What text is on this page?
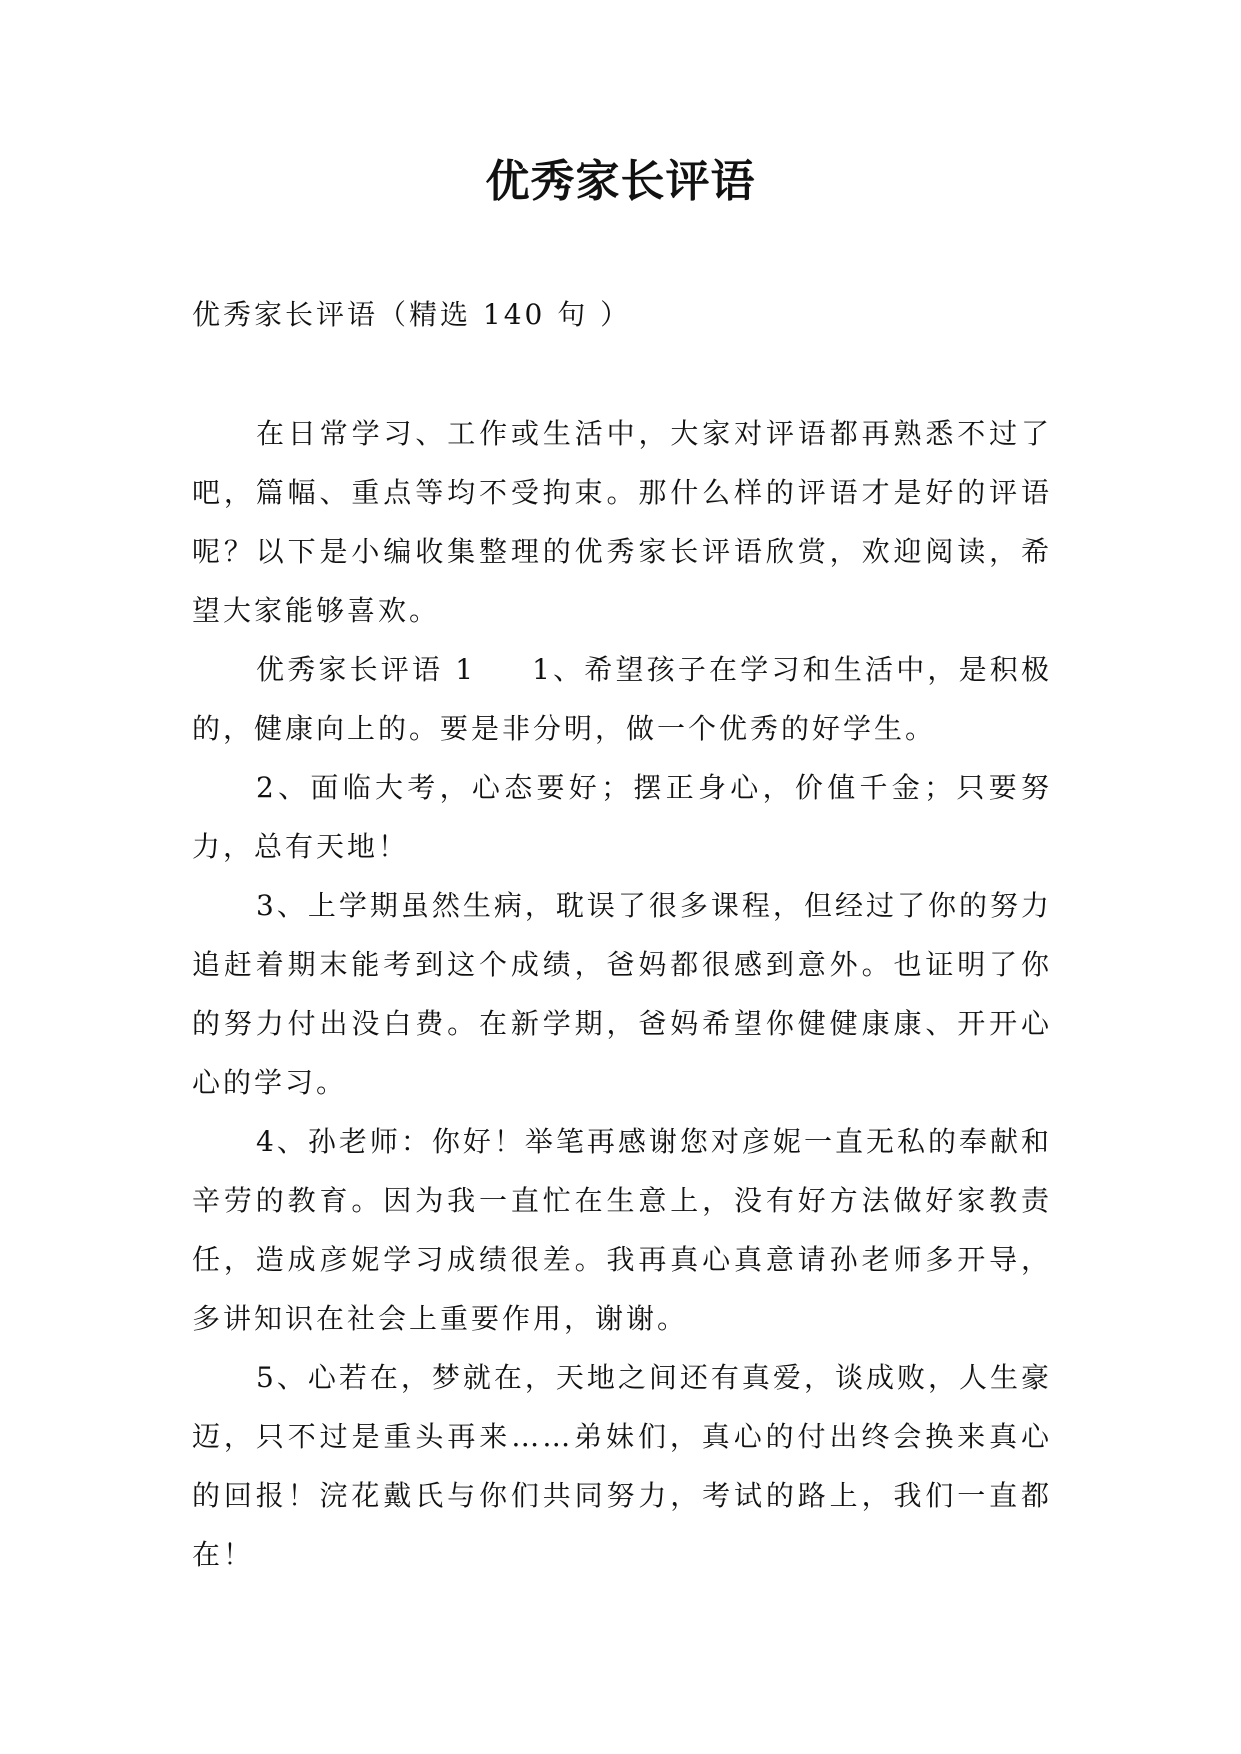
优秀家长评语

优秀家长评语（精选 140 句 ）

在日常学习、工作或生活中，大家对评语都再熟悉不过了吧，篇幅、重点等均不受拘束。那什么样的评语才是好的评语呢？以下是小编收集整理的优秀家长评语欣赏，欢迎阅读，希望大家能够喜欢。

优秀家长评语 1 1、希望孩子在学习和生活中，是积极的，健康向上的。要是非分明，做一个优秀的好学生。

2、面临大考，心态要好；摆正身心，价值千金；只要努力，总有天地！

3、上学期虽然生病，耽误了很多课程，但经过了你的努力追赶着期末能考到这个成绩，爸妈都很感到意外。也证明了你的努力付出没白费。在新学期，爸妈希望你健健康康、开开心心的学习。

4、孙老师：你好！举笔再感谢您对彦妮一直无私的奉献和辛劳的教育。因为我一直忙在生意上，没有好方法做好家教责任，造成彦妮学习成绩很差。我再真心真意请孙老师多开导，多讲知识在社会上重要作用，谢谢。

5、心若在，梦就在，天地之间还有真爱，谈成败，人生豪迈，只不过是重头再来……弟妹们，真心的付出终会换来真心的回报！浣花戴氏与你们共同努力，考试的路上，我们一直都在！
